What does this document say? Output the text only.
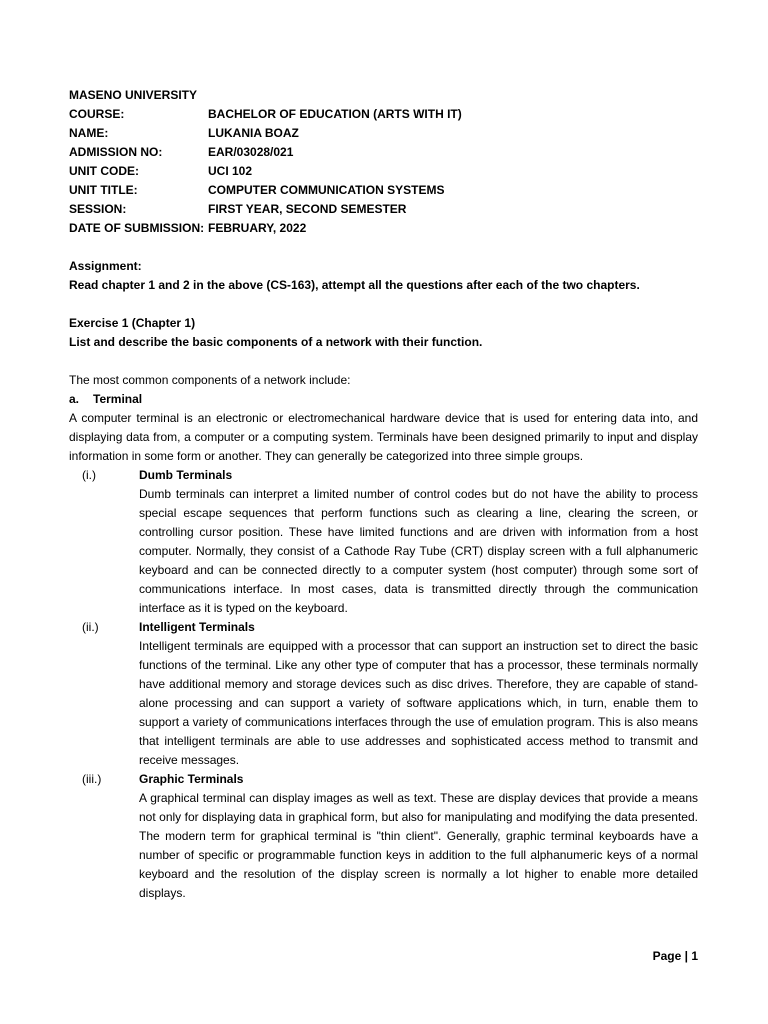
MASENO UNIVERSITY
COURSE:	BACHELOR OF EDUCATION (ARTS WITH IT)
NAME:	LUKANIA BOAZ
ADMISSION NO:	EAR/03028/021
UNIT CODE:	UCI 102
UNIT TITLE:	COMPUTER COMMUNICATION SYSTEMS
SESSION:	FIRST YEAR, SECOND SEMESTER
DATE OF SUBMISSION: FEBRUARY, 2022
Assignment:
Read chapter 1 and 2 in the above (CS-163), attempt all the questions after each of the two chapters.
Exercise 1 (Chapter 1)
List and describe the basic components of a network with their function.
The most common components of a network include:
a.	Terminal

A computer terminal is an electronic or electromechanical hardware device that is used for entering data into, and displaying data from, a computer or a computing system. Terminals have been designed primarily to input and display information in some form or another. They can generally be categorized into three simple groups.

(i.)	Dumb Terminals

Dumb terminals can interpret a limited number of control codes but do not have the ability to process special escape sequences that perform functions such as clearing a line, clearing the screen, or controlling cursor position. These have limited functions and are driven with information from a host computer. Normally, they consist of a Cathode Ray Tube (CRT) display screen with a full alphanumeric keyboard and can be connected directly to a computer system (host computer) through some sort of communications interface. In most cases, data is transmitted directly through the communication interface as it is typed on the keyboard.

(ii.)	Intelligent Terminals

Intelligent terminals are equipped with a processor that can support an instruction set to direct the basic functions of the terminal. Like any other type of computer that has a processor, these terminals normally have additional memory and storage devices such as disc drives. Therefore, they are capable of stand-alone processing and can support a variety of software applications which, in turn, enable them to support a variety of communications interfaces through the use of emulation program. This is also means that intelligent terminals are able to use addresses and sophisticated access method to transmit and receive messages.

(iii.)	Graphic Terminals

A graphical terminal can display images as well as text. These are display devices that provide a means not only for displaying data in graphical form, but also for manipulating and modifying the data presented. The modern term for graphical terminal is "thin client". Generally, graphic terminal keyboards have a number of specific or programmable function keys in addition to the full alphanumeric keys of a normal keyboard and the resolution of the display screen is normally a lot higher to enable more detailed displays.

Page | 1
